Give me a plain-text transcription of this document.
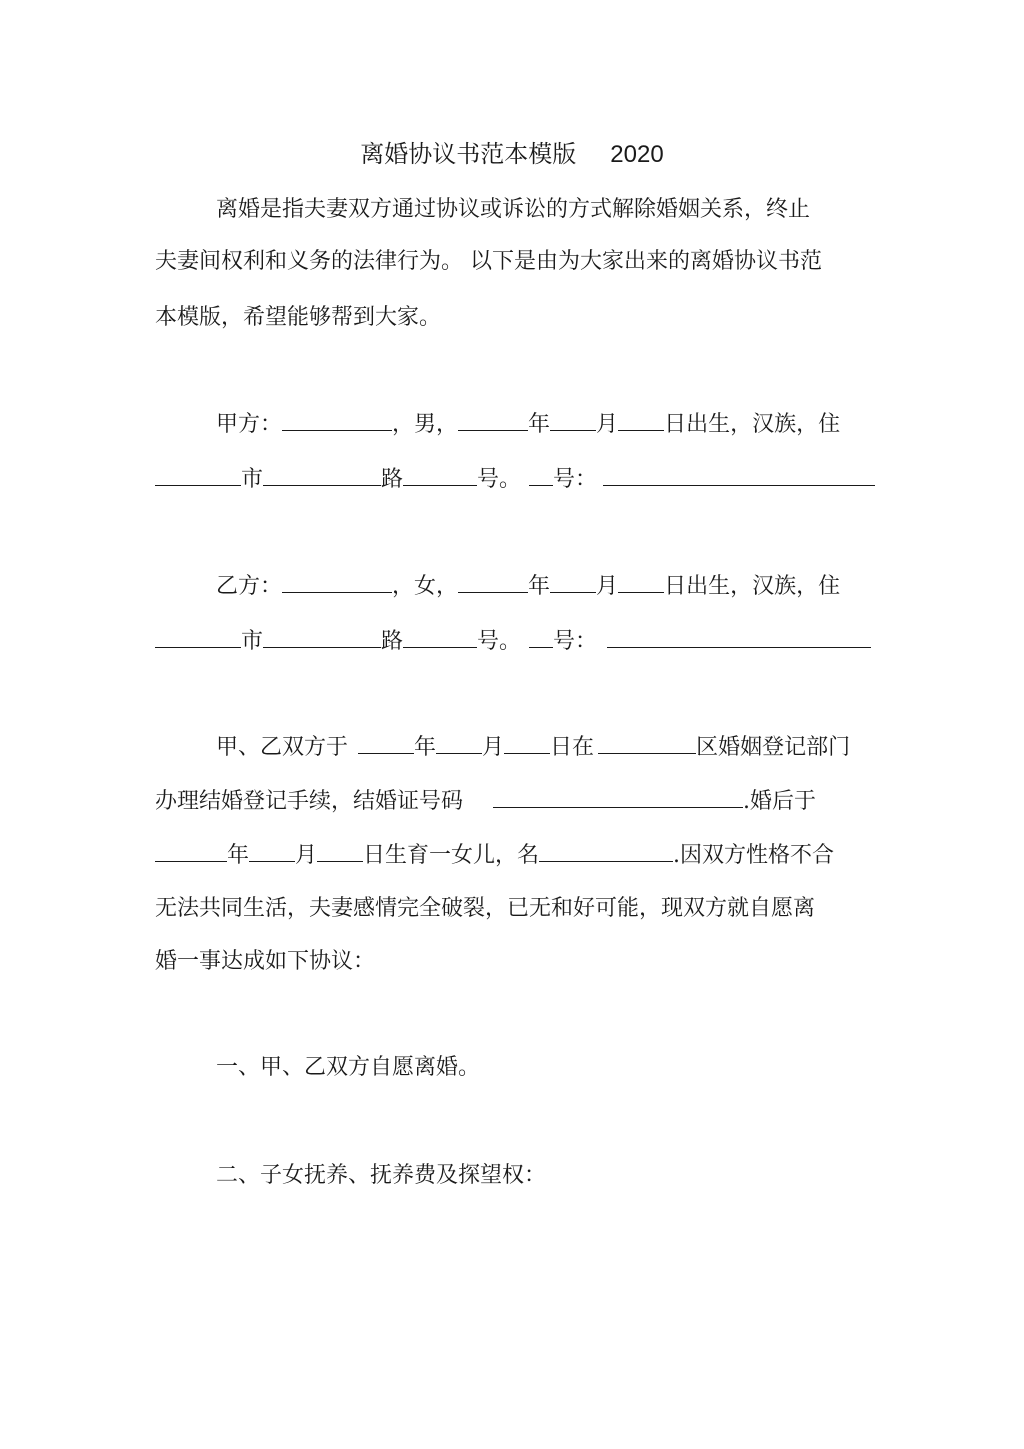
离婚协议书范本模版 2020
离婚是指夫妻双方通过协议或诉讼的方式解除婚姻关系，终止
夫妻间权利和义务的法律行为。 以下是由为大家出来的离婚协议书范
本模版，希望能够帮到大家。
甲方：	，男，	年 月 日出生，汉族，住
市	路	号。 号：
乙方：	，女，	年 月 日出生，汉族，住
市	路	号。 号：
甲、乙双方于	年 月 日在	区婚姻登记部门
办理结婚登记手续，结婚证号码	.婚后于
年 月 日生育一女儿，名	.因双方性格不合
无法共同生活，夫妻感情完全破裂，已无和好可能，现双方就自愿离
婚一事达成如下协议：
一、甲、乙双方自愿离婚。
二、子女抚养、抚养费及探望权：
